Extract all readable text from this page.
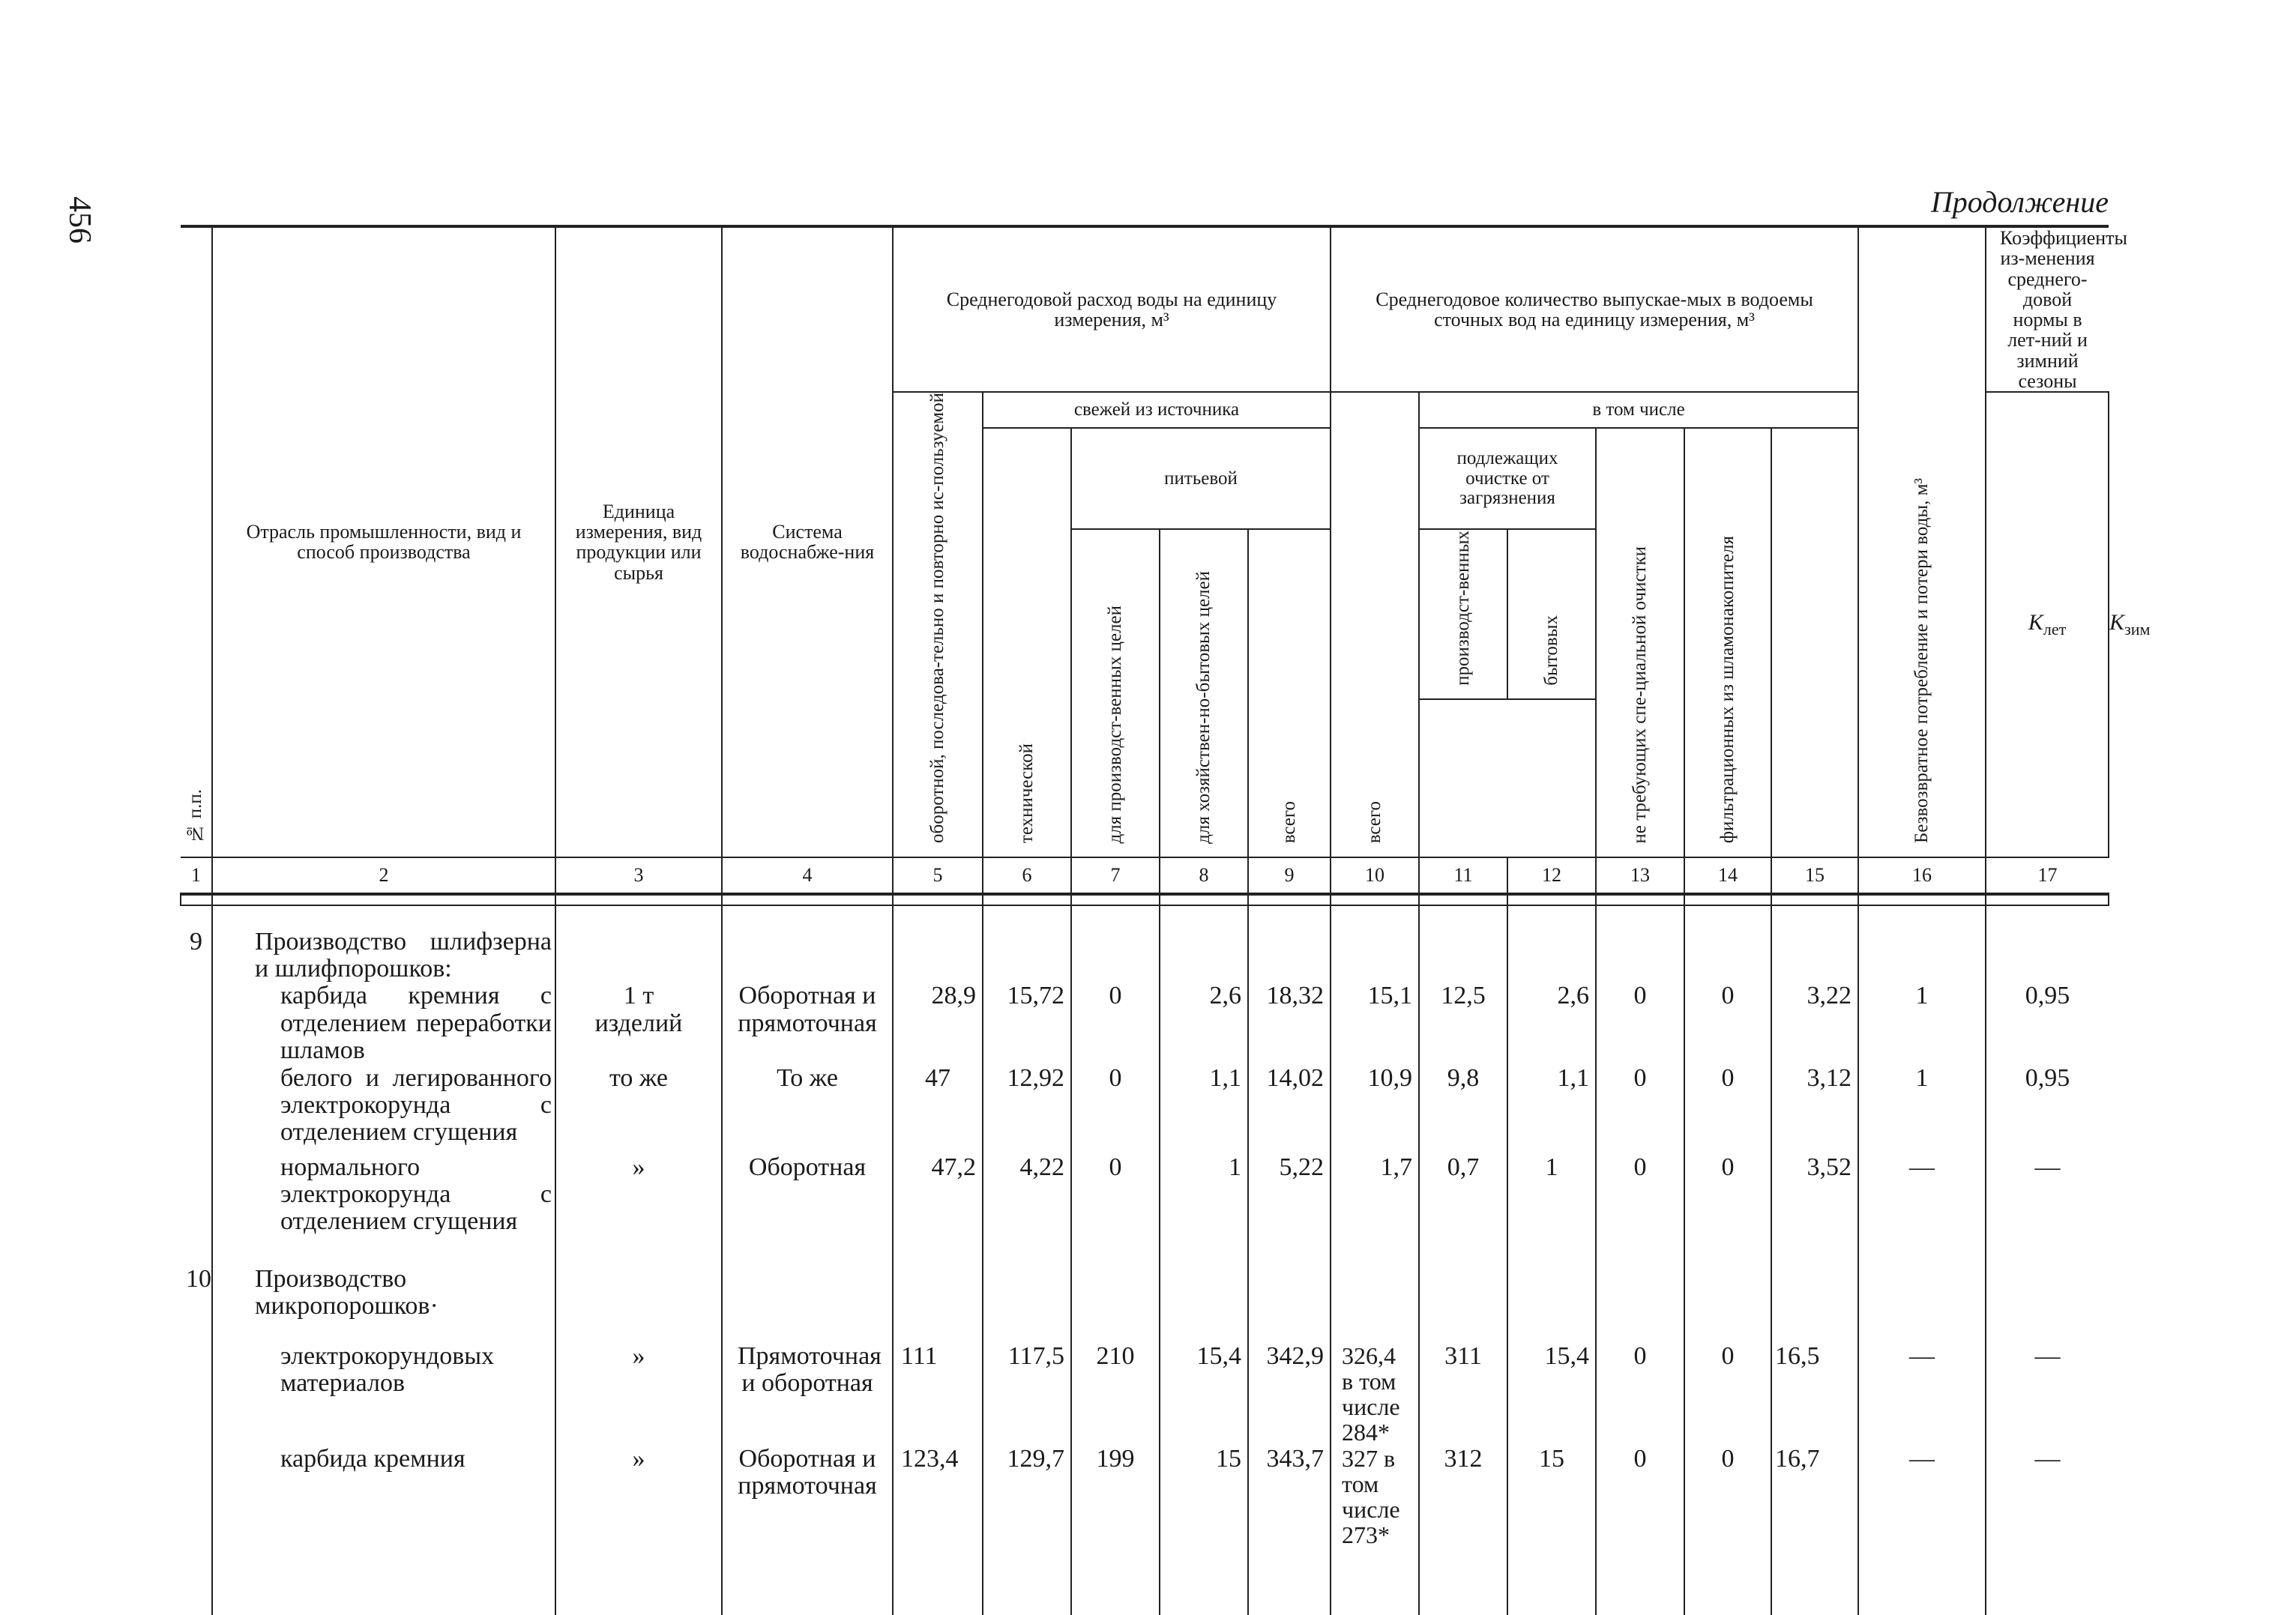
456	Продолжение
№ п.п.	Отрасль промышленности, вид и способ производства	Единица измерения, вид продукции или сырья	Система водоснабже-ния	Среднегодовой расход воды на единицу измерения, м³					Среднегодовое количество выпускае-мых в водоемы сточных вод на единицу измерения, м³						Безвозвратное потребление и потери воды, м³	Коэффициенты из-менения среднего-довой нормы в лет-ний и зимний сезоны	
				оборотной, последова-тельно и повторно ис-пользуемой	свежей из источника				всего	в том числе						$K_{лет}$	$K_{зим}$
					технической	питьевой				подлежащих очистке от загрязнения		не требующих спе-циальной очистки	фильтрационных из шламонакопителя				
						для производст-венных целей	для хозяйствен-но-бытовых целей	всего		производст-венных	бытовых						

1	2	3	4	5	6	7	8	9	10	11	12	13	14	15	16	17	

9	Производство шлифзерна и шлифпорошков:																
	карбида кремния с отделением переработки шламов	1 т изделий	Оборотная и прямоточная	28,9	15,72	0	2,6	18,32	15,1	12,5	2,6	0	0	3,22	1	0,95	
	белого и легированного электрокорунда с отделением сгущения	то же	То же	47	12,92	0	1,1	14,02	10,9	9,8	1,1	0	0	3,12	1	0,95	
	нормального электрокорунда с отделением сгущения	»	Оборотная	47,2	4,22	0	1	5,22	1,7	0,7	1	0	0	3,52	—	—	
10	Производство микропорошков·																
	электрокорундовых материалов	»	Прямоточная и оборотная	111	117,5	210	15,4	342,9	326,4 в том числе 284*	311	15,4	0	0	16,5	—	—	
	карбида кремния	»	Оборотная и прямоточная	123,4	129,7	199	15	343,7	327 в том числе 273*	312	15	0	0	16,7	—	—	
